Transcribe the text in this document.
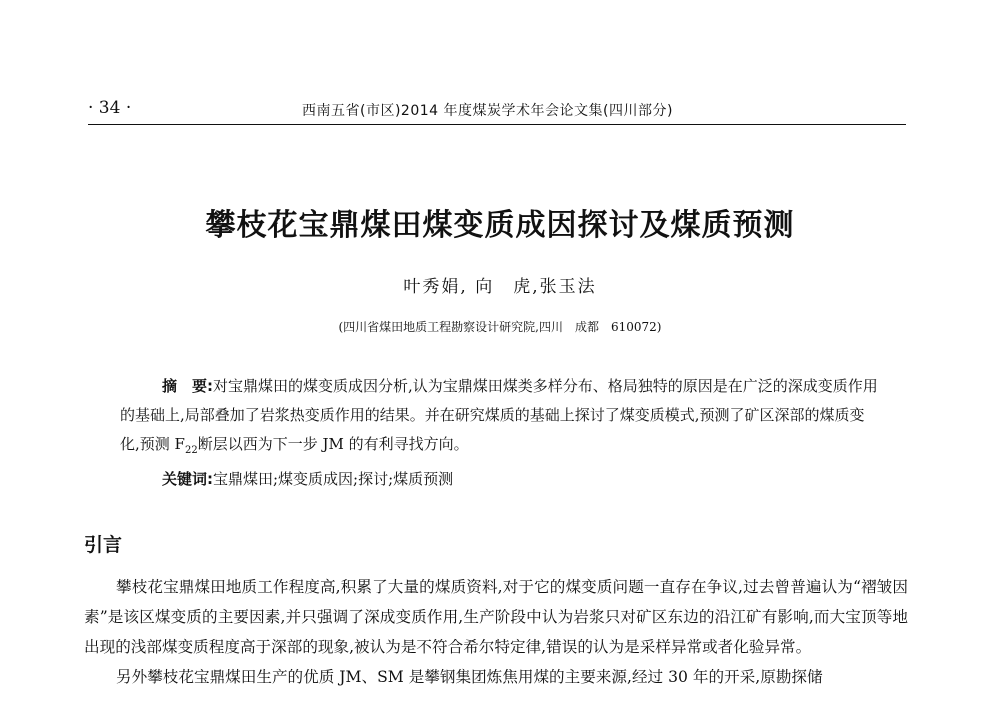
· 34 ·	西南五省(市区)2014 年度煤炭学术年会论文集(四川部分)
攀枝花宝鼎煤田煤变质成因探讨及煤质预测
叶秀娟, 向　虎,张玉法
(四川省煤田地质工程勘察设计研究院,四川　成都　610072)

摘　要:对宝鼎煤田的煤变质成因分析,认为宝鼎煤田煤类多样分布、格局独特的原因是在广泛的深成变质作用的基础上,局部叠加了岩浆热变质作用的结果。并在研究煤质的基础上探讨了煤变质模式,预测了矿区深部的煤质变化,预测 $F_{22}$断层以西为下一步 JM 的有利寻找方向。

关键词:宝鼎煤田;煤变质成因;探讨;煤质预测
引言

攀枝花宝鼎煤田地质工作程度高,积累了大量的煤质资料,对于它的煤变质问题一直存在争议,过去曾普遍认为“褶皱因素”是该区煤变质的主要因素,并只强调了深成变质作用,生产阶段中认为岩浆只对矿区东边的沿江矿有影响,而大宝顶等地出现的浅部煤变质程度高于深部的现象,被认为是不符合希尔特定律,错误的认为是采样异常或者化验异常。

另外攀枝花宝鼎煤田生产的优质 JM、SM 是攀钢集团炼焦用煤的主要来源,经过 30 年的开采,原勘探储
